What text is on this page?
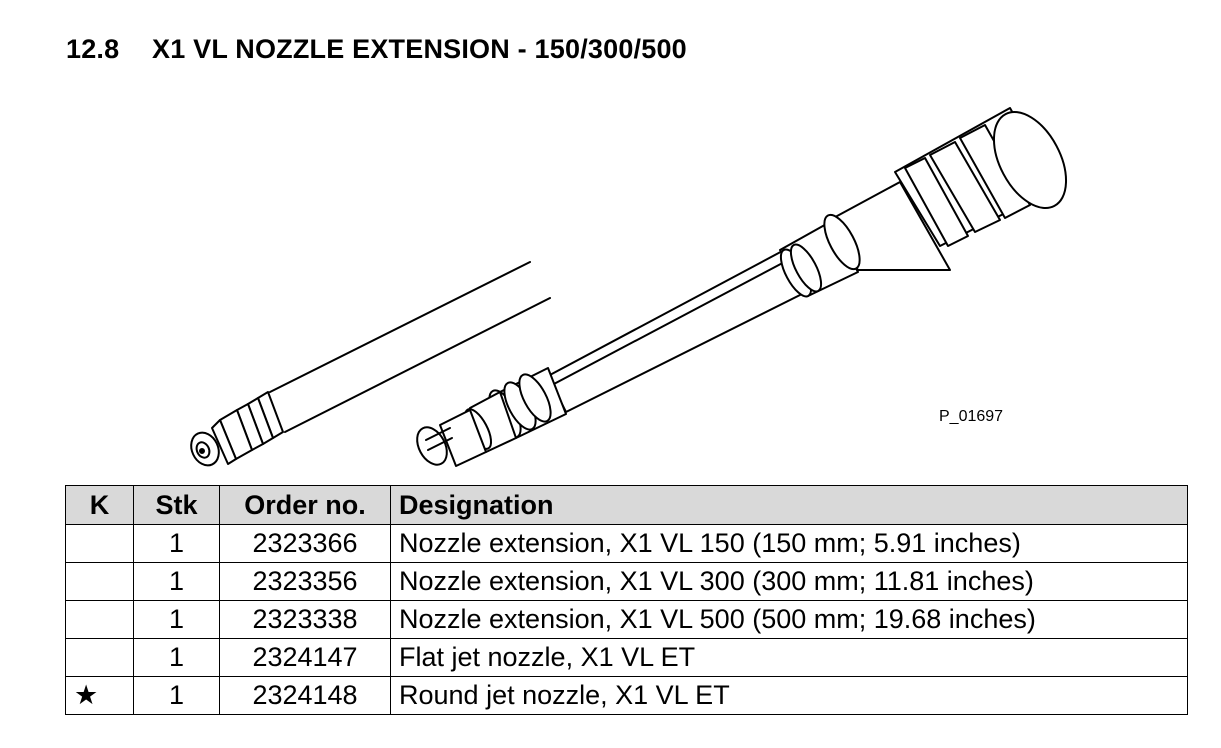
12.8 X1 VL NOZZLE EXTENSION - 150/300/500
P_01697
K	Stk	Order no.	Designation
	1	2323366	Nozzle extension, X1 VL 150 (150 mm; 5.91 inches)
	1	2323356	Nozzle extension, X1 VL 300 (300 mm; 11.81 inches)
	1	2323338	Nozzle extension, X1 VL 500 (500 mm; 19.68 inches)
	1	2324147	Flat jet nozzle, X1 VL ET
★	1	2324148	Round jet nozzle, X1 VL ET
